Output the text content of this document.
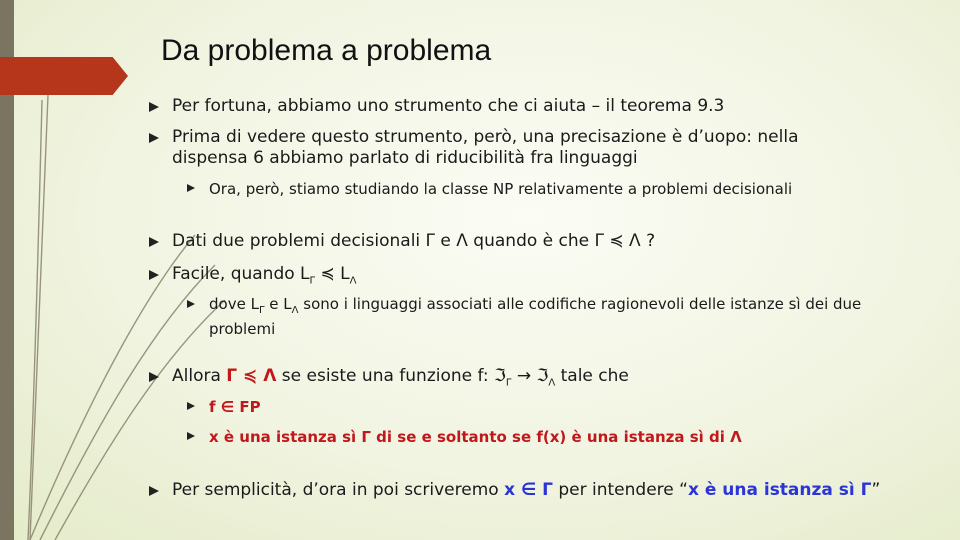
Da problema a problema
Per fortuna, abbiamo uno strumento che ci aiuta – il teorema 9.3
Prima di vedere questo strumento, però, una precisazione è d’uopo: nella dispensa 6 abbiamo parlato di riducibilità fra linguaggi
Ora, però, stiamo studiando la classe NP relativamente a problemi decisionali
Dati due problemi decisionali Γ e Λ quando è che Γ ≼ Λ ?
Facile, quando $L_\Gamma$ ≼ $L_\Lambda$
dove $L_\Gamma$ e $L_\Lambda$ sono i linguaggi associati alle codifiche ragionevoli delle istanze sì dei due problemi
Allora Γ ≼ Λ se esiste una funzione f: ℑ$_\Gamma$ → ℑ$_\Lambda$ tale che
f ∈ FP
x è una istanza sì Γ di se e soltanto se f(x) è una istanza sì di Λ
Per semplicità, d’ora in poi scriveremo x ∈ Γ per intendere “x è una istanza sì Γ”
